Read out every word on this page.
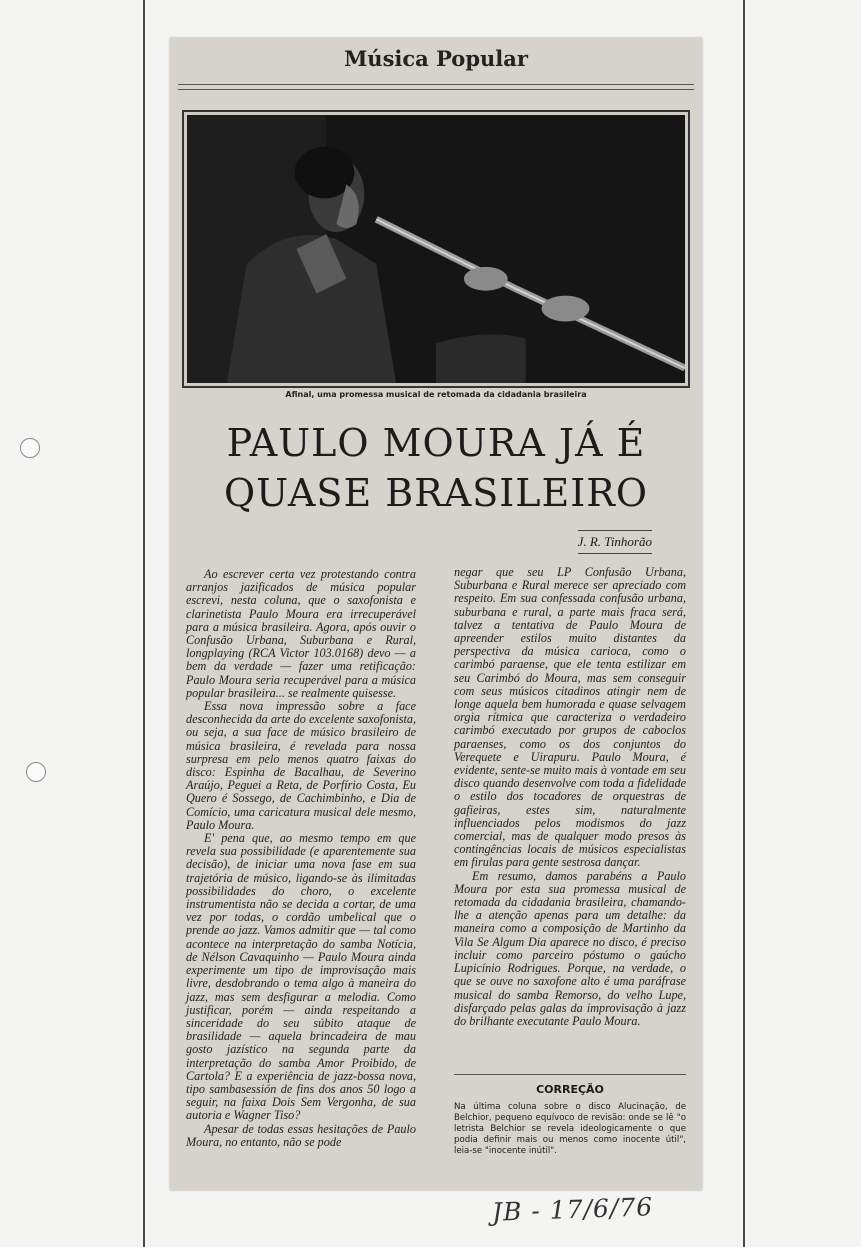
Música Popular
Afinal, uma promessa musical de retomada da cidadania brasileira
PAULO MOURA JÁ É
QUASE BRASILEIRO
J. R. Tinhorão

Ao escrever certa vez protestando contra arranjos jazificados de música popular escrevi, nesta coluna, que o saxofonista e clarinetista Paulo Moura era irrecuperável para a música brasileira. Agora, após ouvir o Confusão Urbana, Suburbana e Rural, longplaying (RCA Victor 103.0168) devo — a bem da verdade — fazer uma retificação: Paulo Moura seria recuperável para a música popular brasileira... se realmente quisesse.

Essa nova impressão sobre a face desconhecida da arte do excelente saxofonista, ou seja, a sua face de músico brasileiro de música brasileira, é revelada para nossa surpresa em pelo menos quatro faixas do disco: Espinha de Bacalhau, de Severino Araújo, Peguei a Reta, de Porfírio Costa, Eu Quero é Sossego, de Cachimbinho, e Dia de Comício, uma caricatura musical dele mesmo, Paulo Moura.

E' pena que, ao mesmo tempo em que revela sua possibilidade (e aparentemente sua decisão), de iniciar uma nova fase em sua trajetória de músico, ligando-se às ilimitadas possibilidades do choro, o excelente instrumentista não se decida a cortar, de uma vez por todas, o cordão umbelical que o prende ao jazz. Vamos admitir que — tal como acontece na interpretação do samba Notícia, de Nélson Cavaquinho — Paulo Moura ainda experimente um tipo de improvisação mais livre, desdobrando o tema algo à maneira do jazz, mas sem desfigurar a melodia. Como justificar, porém — ainda respeitando a sinceridade do seu súbito ataque de brasilidade — aquela brincadeira de mau gosto jazístico na segunda parte da interpretação do samba Amor Proibido, de Cartola? E a experiência de jazz-bossa nova, tipo sambasessión de fins dos anos 50 logo a seguir, na faixa Dois Sem Vergonha, de sua autoria e Wagner Tiso?

Apesar de todas essas hesitações de Paulo Moura, no entanto, não se pode

negar que seu LP Confusão Urbana, Suburbana e Rural merece ser apreciado com respeito. Em sua confessada confusão urbana, suburbana e rural, a parte mais fraca será, talvez a tentativa de Paulo Moura de apreender estilos muito distantes da perspectiva da música carioca, como o carimbó paraense, que ele tenta estilizar em seu Carimbó do Moura, mas sem conseguir com seus músicos citadinos atingir nem de longe aquela bem humorada e quase selvagem orgia rítmica que caracteriza o verdadeiro carimbó executado por grupos de caboclos paraenses, como os dos conjuntos do Verequete e Uirapuru. Paulo Moura, é evidente, sente-se muito mais à vontade em seu disco quando desenvolve com toda a fidelidade o estilo dos tocadores de orquestras de gafieiras, estes sim, naturalmente influenciados pelos modismos do jazz comercial, mas de qualquer modo presos às contingências locais de músicos especialistas em firulas para gente sestrosa dançar.

Em resumo, damos parabéns a Paulo Moura por esta sua promessa musical de retomada da cidadania brasileira, chamando-lhe a atenção apenas para um detalhe: da maneira como a composição de Martinho da Vila Se Algum Dia aparece no disco, é preciso incluir como parceiro póstumo o gaúcho Lupicínio Rodrigues. Porque, na verdade, o que se ouve no saxofone alto é uma paráfrase musical do samba Remorso, do velho Lupe, disfarçado pelas galas da improvisação à jazz do brilhante executante Paulo Moura.

CORREÇÃO

Na última coluna sobre o disco Alucinação, de Belchior, pequeno equívoco de revisão: onde se lê "o letrista Belchior se revela ideologicamente o que podia definir mais ou menos como inocente útil", leia-se "inocente inútil".

JB - 17/6/76
